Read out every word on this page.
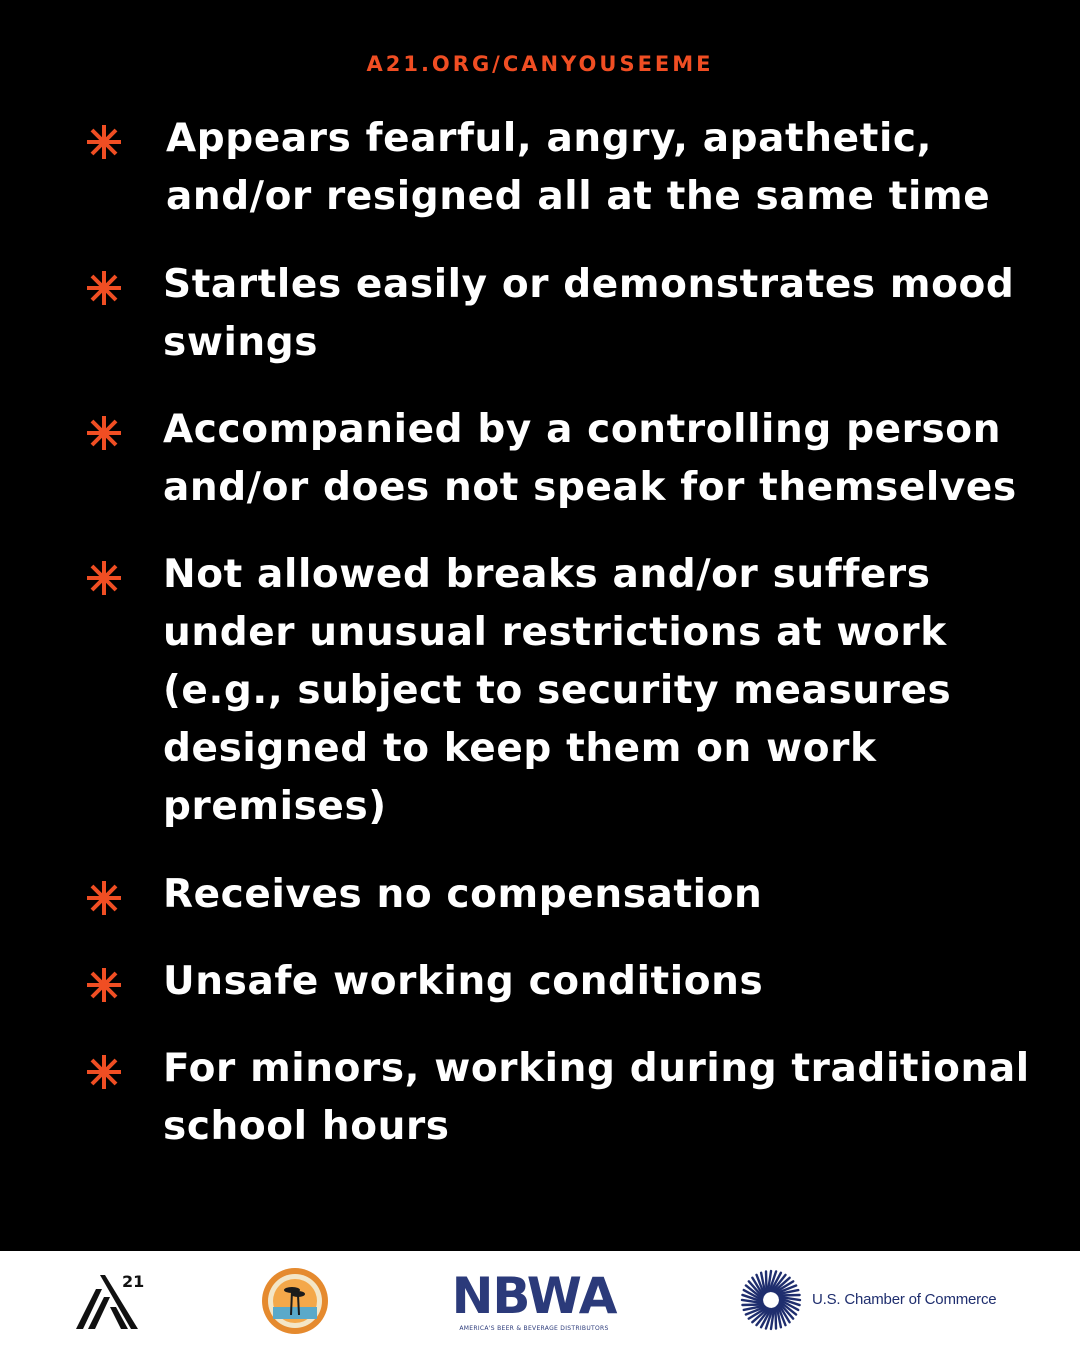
A21.ORG/CANYOUSEEME
Appears fearful, angry, apathetic, and/or resigned all at the same time
Startles easily or demonstrates mood swings
Accompanied by a controlling person and/or does not speak for themselves
Not allowed breaks and/or suffers under unusual restrictions at work (e.g., subject to security measures designed to keep them on work premises)
Receives no compensation
Unsafe working conditions
For minors, working during traditional school hours
21	NBWA
AMERICA'S BEER & BEVERAGE DISTRIBUTORS
U.S. Chamber of Commerce
